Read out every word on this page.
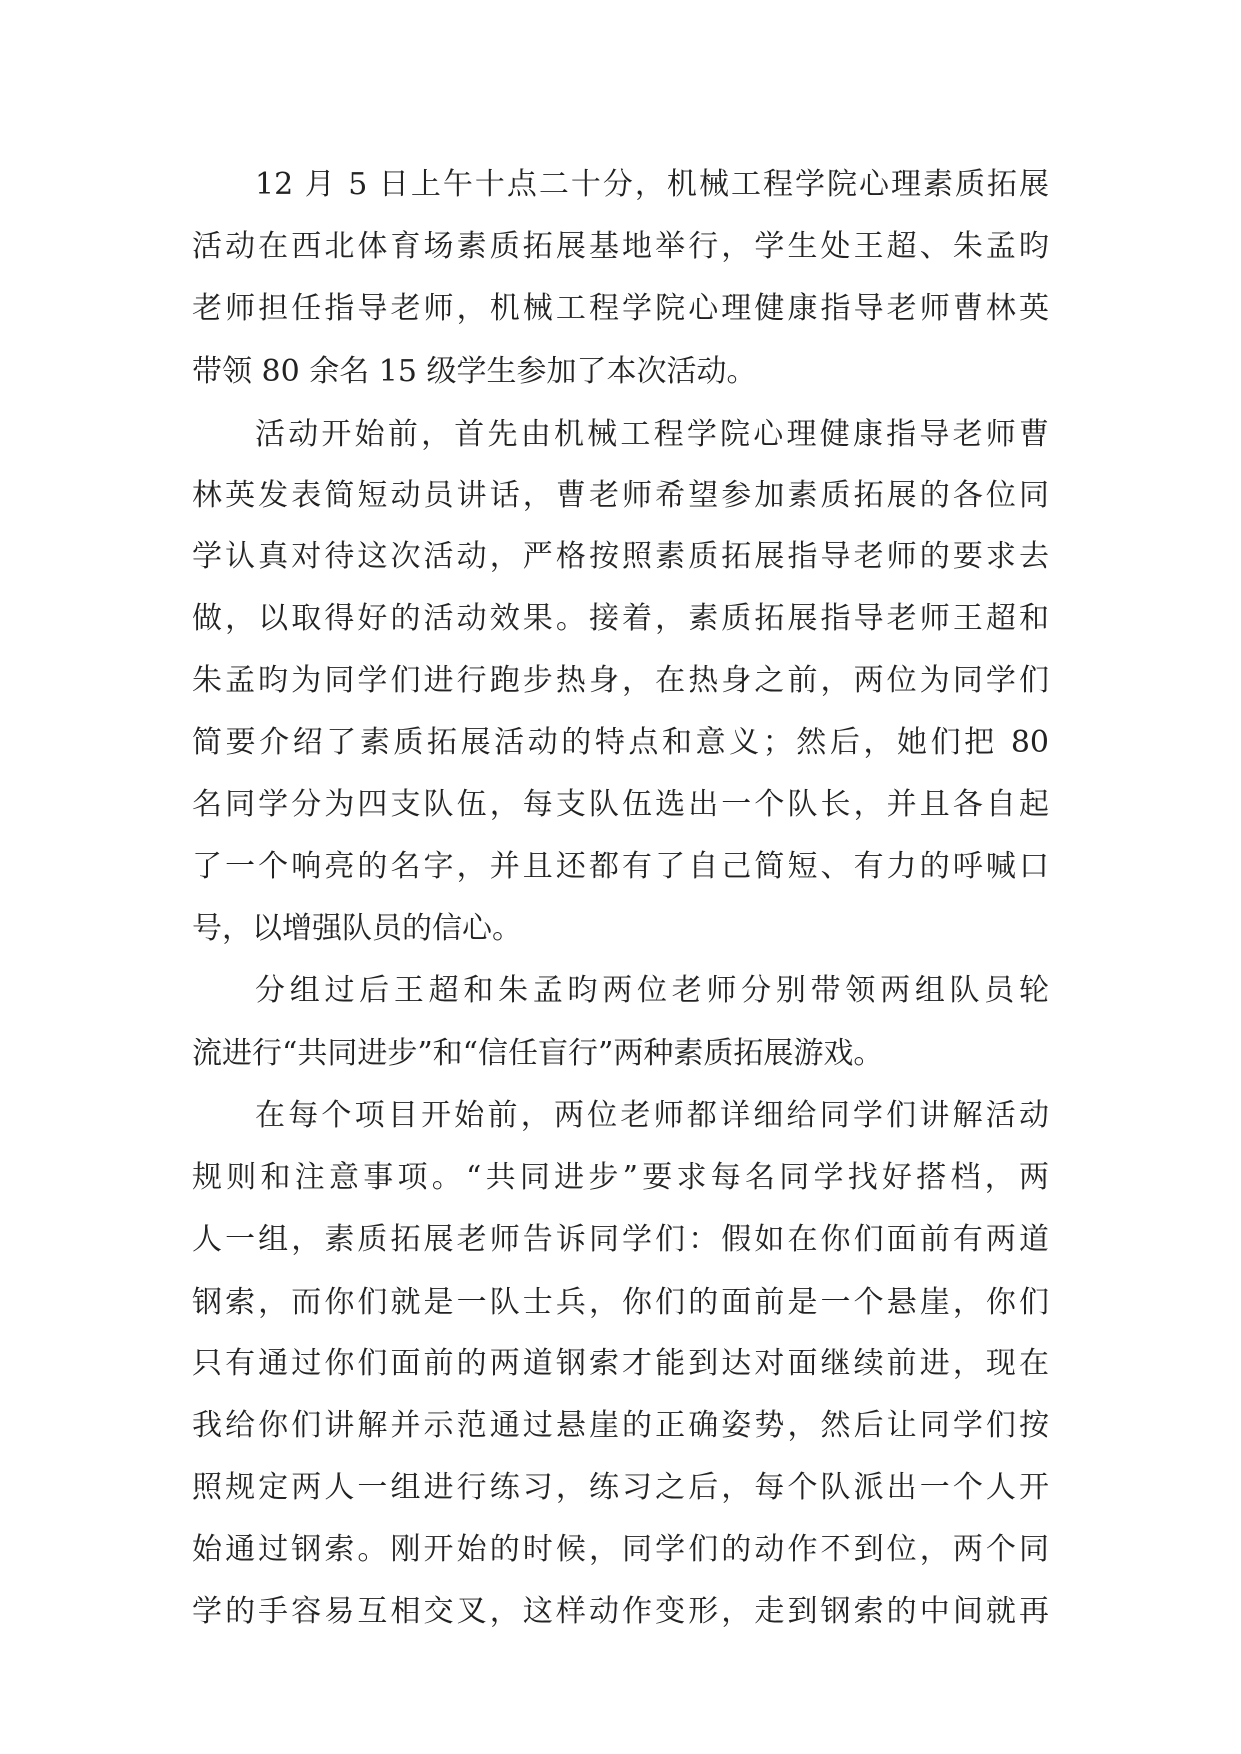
12 月 5 日上午十点二十分，机械工程学院心理素质拓展
活动在西北体育场素质拓展基地举行，学生处王超、朱孟昀
老师担任指导老师，机械工程学院心理健康指导老师曹林英
带领 80 余名 15 级学生参加了本次活动。
活动开始前，首先由机械工程学院心理健康指导老师曹
林英发表简短动员讲话，曹老师希望参加素质拓展的各位同
学认真对待这次活动，严格按照素质拓展指导老师的要求去
做，以取得好的活动效果。接着，素质拓展指导老师王超和
朱孟昀为同学们进行跑步热身，在热身之前，两位为同学们
简要介绍了素质拓展活动的特点和意义；然后，她们把 80
名同学分为四支队伍，每支队伍选出一个队长，并且各自起
了一个响亮的名字，并且还都有了自己简短、有力的呼喊口
号，以增强队员的信心。
分组过后王超和朱孟昀两位老师分别带领两组队员轮
流进行“共同进步”和“信任盲行”两种素质拓展游戏。
在每个项目开始前，两位老师都详细给同学们讲解活动
规则和注意事项。“共同进步”要求每名同学找好搭档，两
人一组，素质拓展老师告诉同学们：假如在你们面前有两道
钢索，而你们就是一队士兵，你们的面前是一个悬崖，你们
只有通过你们面前的两道钢索才能到达对面继续前进，现在
我给你们讲解并示范通过悬崖的正确姿势，然后让同学们按
照规定两人一组进行练习，练习之后，每个队派出一个人开
始通过钢索。刚开始的时候，同学们的动作不到位，两个同
学的手容易互相交叉，这样动作变形，走到钢索的中间就再
